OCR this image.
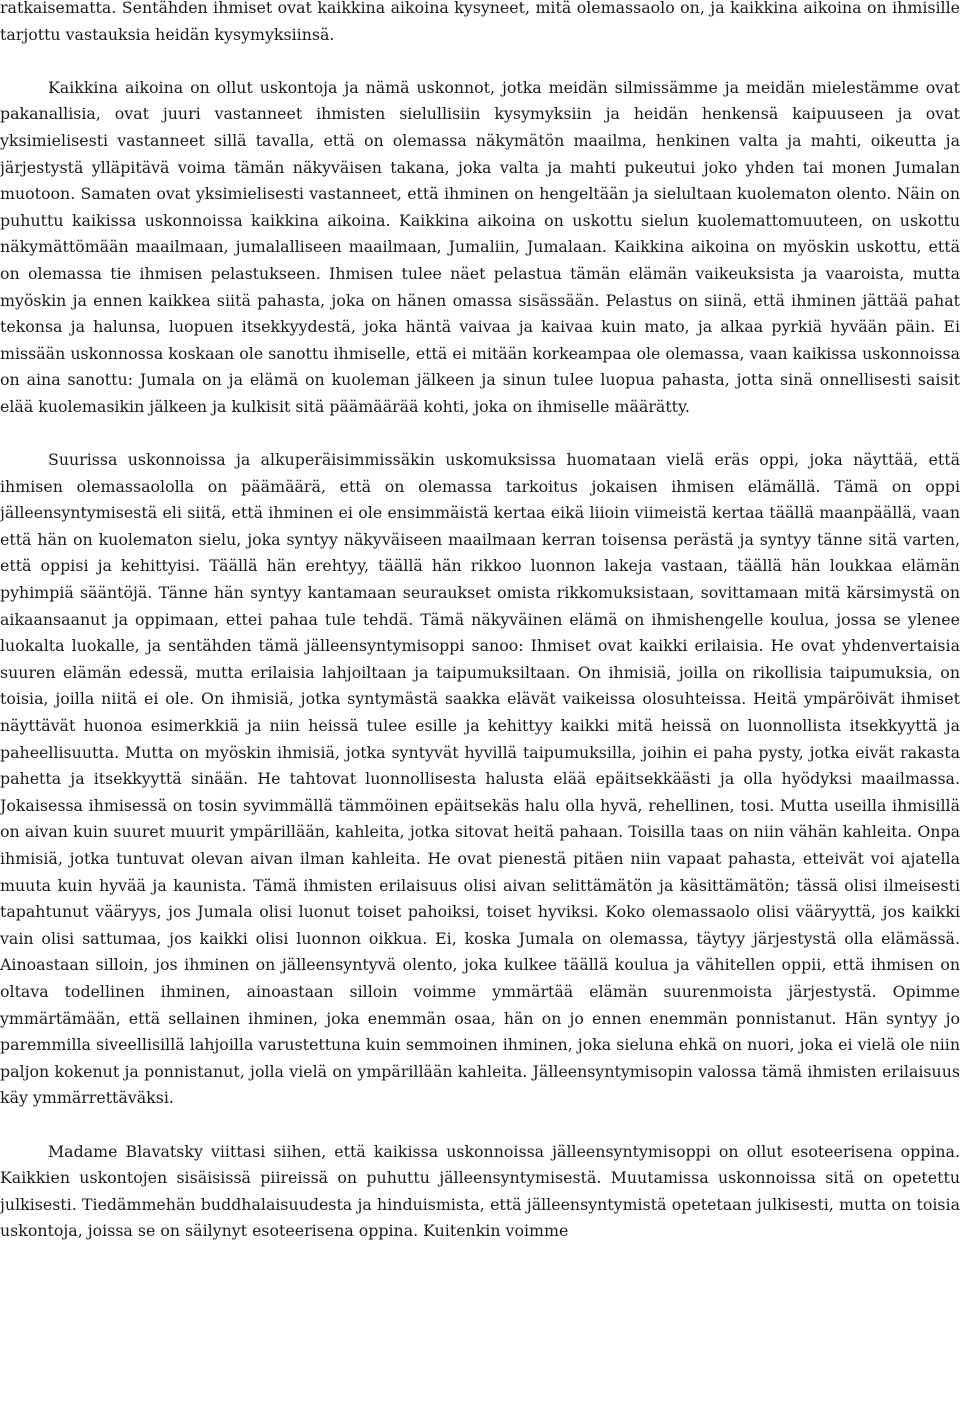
ratkaisematta. Sentähden ihmiset ovat kaikkina aikoina kysyneet, mitä olemassaolo on, ja kaikkina aikoina on ihmisille tarjottu vastauksia heidän kysymyksiinsä.

Kaikkina aikoina on ollut uskontoja ja nämä uskonnot, jotka meidän silmissämme ja meidän mielestämme ovat pakanallisia, ovat juuri vastanneet ihmisten sielullisiin kysymyksiin ja heidän henkensä kaipuuseen ja ovat yksimielisesti vastanneet sillä tavalla, että on olemassa näkymätön maailma, henkinen valta ja mahti, oikeutta ja järjestystä ylläpitävä voima tämän näkyväisen takana, joka valta ja mahti pukeutui joko yhden tai monen Jumalan muotoon. Samaten ovat yksimielisesti vastanneet, että ihminen on hengeltään ja sielultaan kuolematon olento. Näin on puhuttu kaikissa uskonnoissa kaikkina aikoina. Kaikkina aikoina on uskottu sielun kuolemattomuuteen, on uskottu näkymättömään maailmaan, jumalalliseen maailmaan, Jumaliin, Jumalaan. Kaikkina aikoina on myöskin uskottu, että on olemassa tie ihmisen pelastukseen. Ihmisen tulee näet pelastua tämän elämän vaikeuksista ja vaaroista, mutta myöskin ja ennen kaikkea siitä pahasta, joka on hänen omassa sisässään. Pelastus on siinä, että ihminen jättää pahat tekonsa ja halunsa, luopuen itsekkyydestä, joka häntä vaivaa ja kaivaa kuin mato, ja alkaa pyrkiä hyvään päin. Ei missään uskonnossa koskaan ole sanottu ihmiselle, että ei mitään korkeampaa ole olemassa, vaan kaikissa uskonnoissa on aina sanottu: Jumala on ja elämä on kuoleman jälkeen ja sinun tulee luopua pahasta, jotta sinä onnellisesti saisit elää kuolemasikin jälkeen ja kulkisit sitä päämäärää kohti, joka on ihmiselle määrätty.

Suurissa uskonnoissa ja alkuperäisimmissäkin uskomuksissa huomataan vielä eräs oppi, joka näyttää, että ihmisen olemassaololla on päämäärä, että on olemassa tarkoitus jokaisen ihmisen elämällä. Tämä on oppi jälleensyntymisestä eli siitä, että ihminen ei ole ensimmäistä kertaa eikä liioin viimeistä kertaa täällä maanpäällä, vaan että hän on kuolematon sielu, joka syntyy näkyväiseen maailmaan kerran toisensa perästä ja syntyy tänne sitä varten, että oppisi ja kehittyisi. Täällä hän erehtyy, täällä hän rikkoo luonnon lakeja vastaan, täällä hän loukkaa elämän pyhimpiä sääntöjä. Tänne hän syntyy kantamaan seuraukset omista rikkomuksistaan, sovittamaan mitä kärsimystä on aikaansaanut ja oppimaan, ettei pahaa tule tehdä. Tämä näkyväinen elämä on ihmishengelle koulua, jossa se ylenee luokalta luokalle, ja sentähden tämä jälleensyntymisoppi sanoo: Ihmiset ovat kaikki erilaisia. He ovat yhdenvertaisia suuren elämän edessä, mutta erilaisia lahjoiltaan ja taipumuksiltaan. On ihmisiä, joilla on rikollisia taipumuksia, on toisia, joilla niitä ei ole. On ihmisiä, jotka syntymästä saakka elävät vaikeissa olosuhteissa. Heitä ympäröivät ihmiset näyttävät huonoa esimerkkiä ja niin heissä tulee esille ja kehittyy kaikki mitä heissä on luonnollista itsekkyyttä ja paheellisuutta. Mutta on myöskin ihmisiä, jotka syntyvät hyvillä taipumuksilla, joihin ei paha pysty, jotka eivät rakasta pahetta ja itsekkyyttä sinään. He tahtovat luonnollisesta halusta elää epäitsekkäästi ja olla hyödyksi maailmassa. Jokaisessa ihmisessä on tosin syvimmällä tämmöinen epäitsekäs halu olla hyvä, rehellinen, tosi. Mutta useilla ihmisillä on aivan kuin suuret muurit ympärillään, kahleita, jotka sitovat heitä pahaan. Toisilla taas on niin vähän kahleita. Onpa ihmisiä, jotka tuntuvat olevan aivan ilman kahleita. He ovat pienestä pitäen niin vapaat pahasta, etteivät voi ajatella muuta kuin hyvää ja kaunista. Tämä ihmisten erilaisuus olisi aivan selittämätön ja käsittämätön; tässä olisi ilmeisesti tapahtunut vääryys, jos Jumala olisi luonut toiset pahoiksi, toiset hyviksi. Koko olemassaolo olisi vääryyttä, jos kaikki vain olisi sattumaa, jos kaikki olisi luonnon oikkua. Ei, koska Jumala on olemassa, täytyy järjestystä olla elämässä. Ainoastaan silloin, jos ihminen on jälleensyntyvä olento, joka kulkee täällä koulua ja vähitellen oppii, että ihmisen on oltava todellinen ihminen, ainoastaan silloin voimme ymmärtää elämän suurenmoista järjestystä. Opimme ymmärtämään, että sellainen ihminen, joka enemmän osaa, hän on jo ennen enemmän ponnistanut. Hän syntyy jo paremmilla siveellisillä lahjoilla varustettuna kuin semmoinen ihminen, joka sieluna ehkä on nuori, joka ei vielä ole niin paljon kokenut ja ponnistanut, jolla vielä on ympärillään kahleita. Jälleensyntymisopin valossa tämä ihmisten erilaisuus käy ymmärrettäväksi.

Madame Blavatsky viittasi siihen, että kaikissa uskonnoissa jälleensyntymisoppi on ollut esoteerisena oppina. Kaikkien uskontojen sisäisissä piireissä on puhuttu jälleensyntymisestä. Muutamissa uskonnoissa sitä on opetettu julkisesti. Tiedämmehän buddhalaisuudesta ja hinduismista, että jälleensyntymistä opetetaan julkisesti, mutta on toisia uskontoja, joissa se on säilynyt esoteerisena oppina. Kuitenkin voimme
